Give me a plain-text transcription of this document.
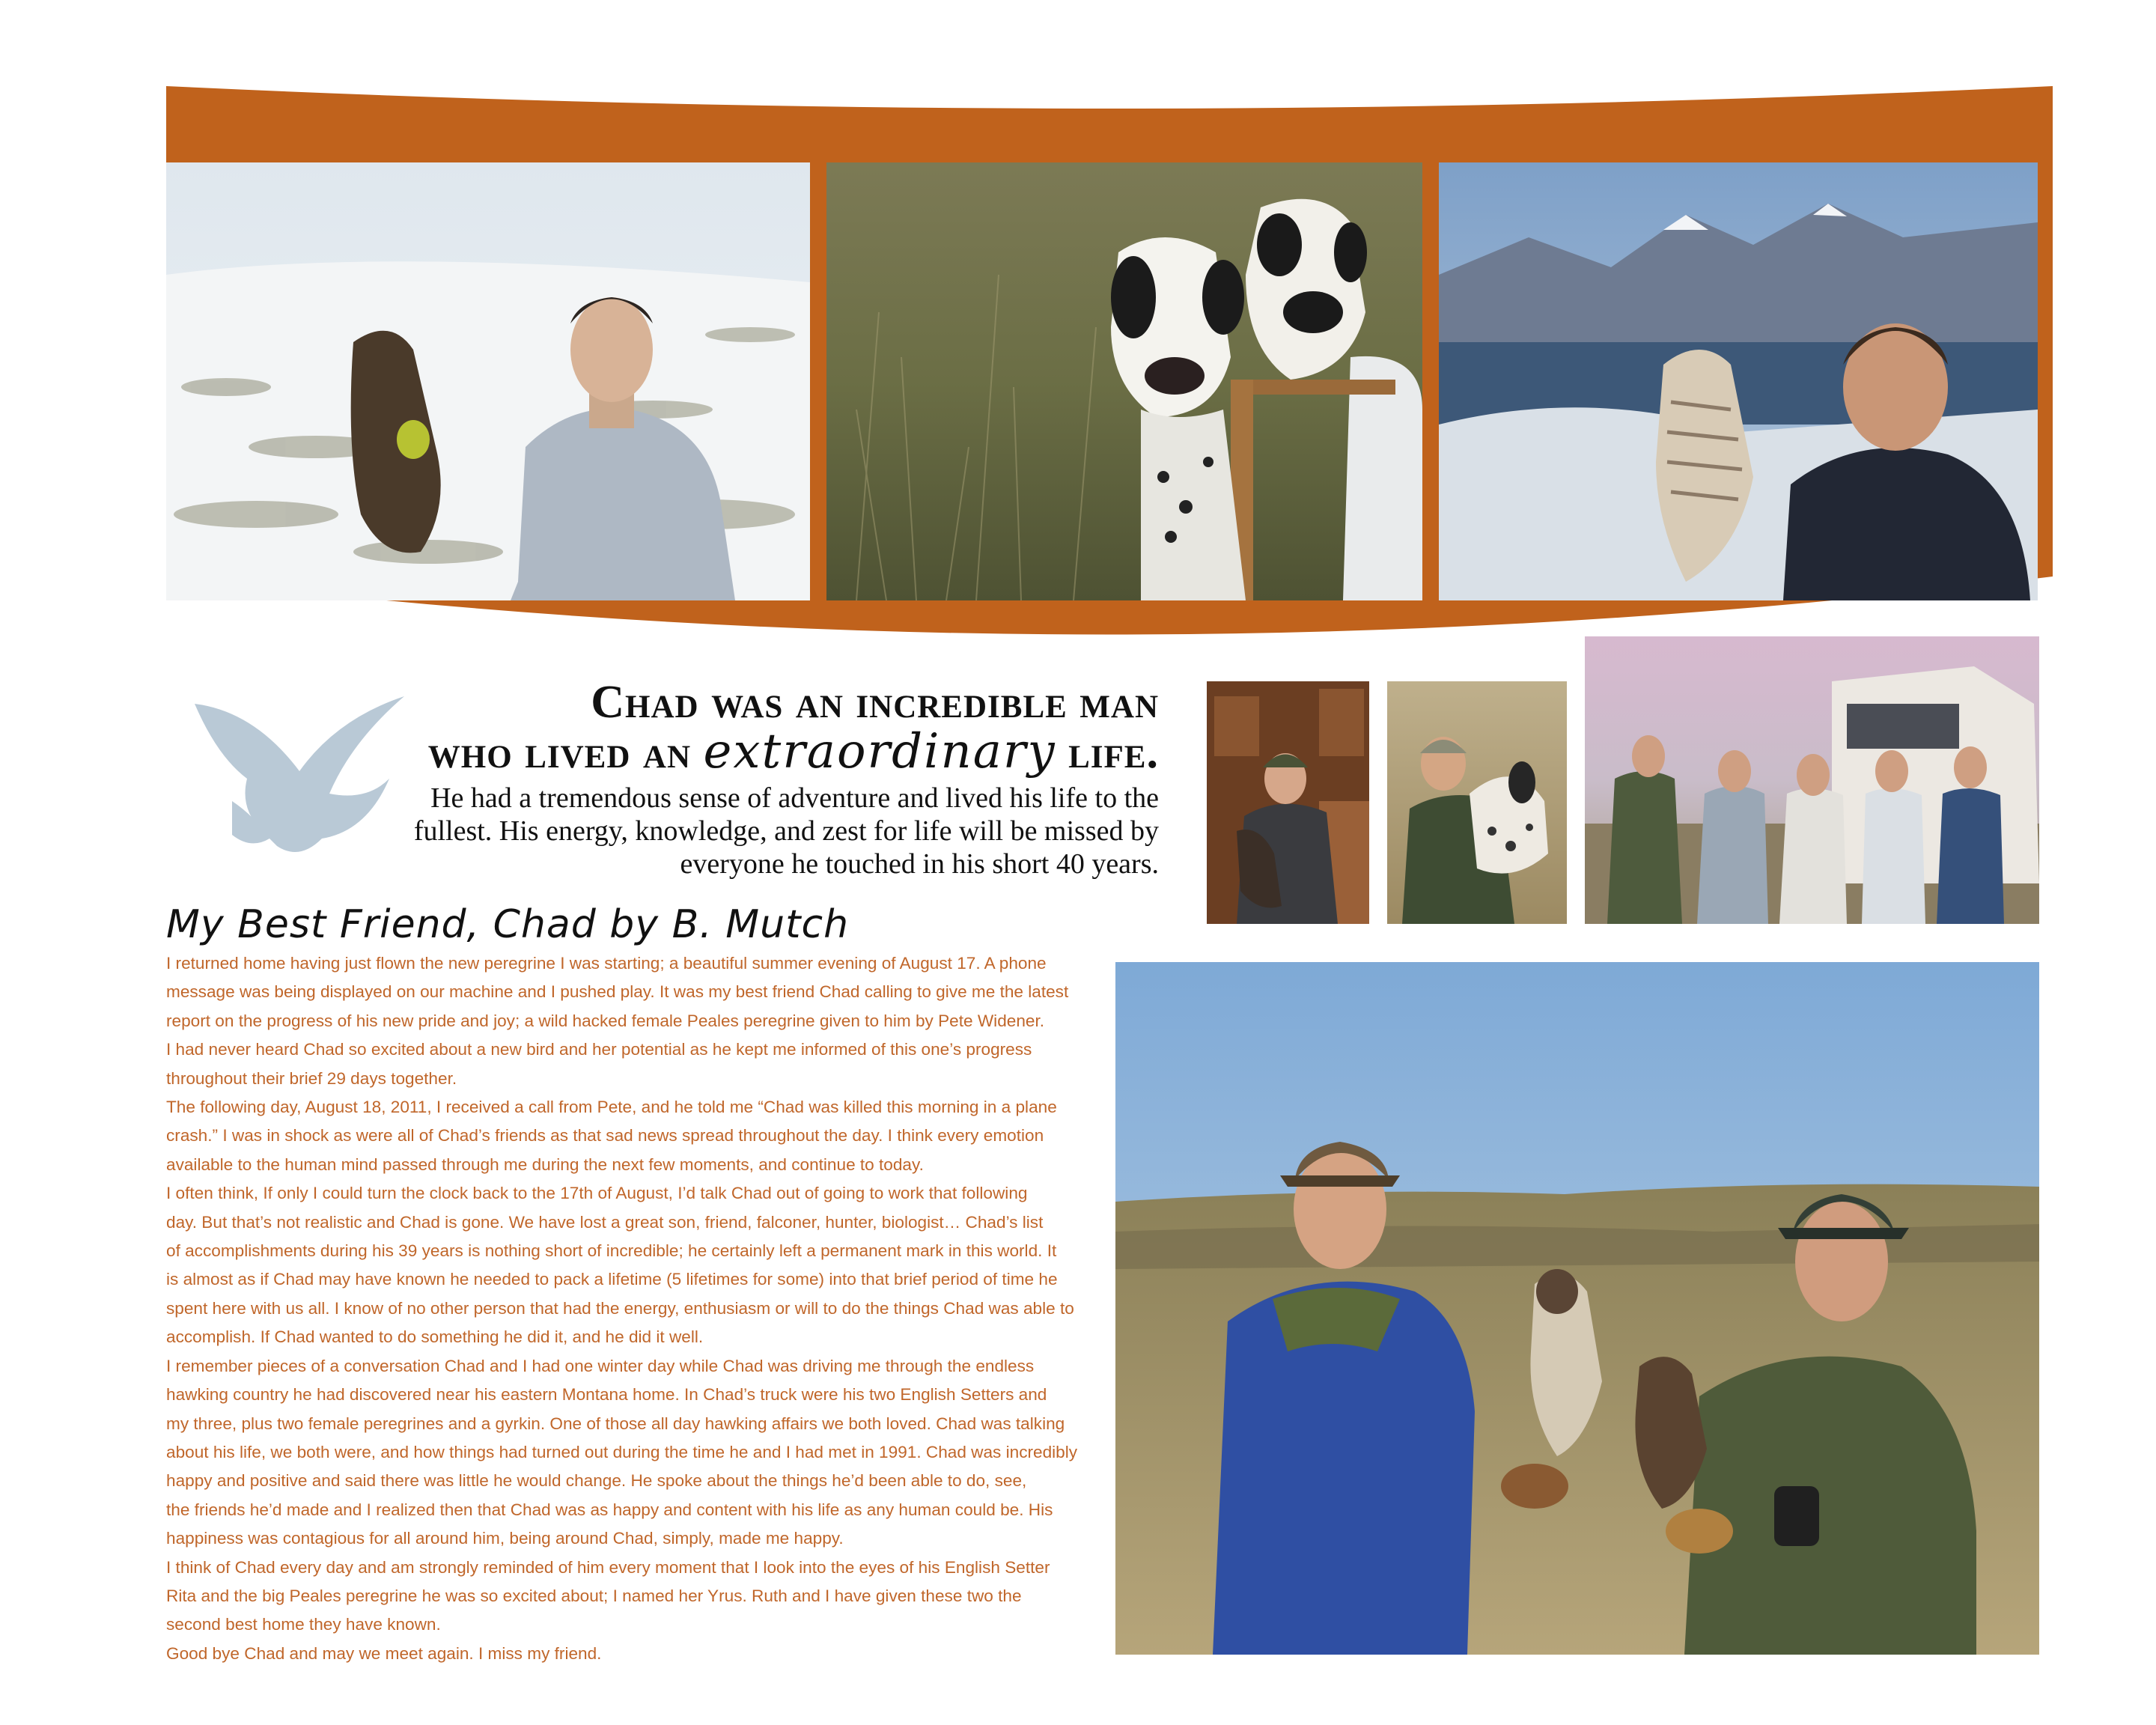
Chad was an incredible man
who lived an extraordinary life.
He had a tremendous sense of adventure and lived his life to the
fullest. His energy, knowledge, and zest for life will be missed by
everyone he touched in his short 40 years.
My Best Friend, Chad by B. Mutch
I returned home having just flown the new peregrine I was starting; a beautiful summer evening of August 17. A phone
message was being displayed on our machine and I pushed play. It was my best friend Chad calling to give me the latest
report on the progress of his new pride and joy; a wild hacked female Peales peregrine given to him by Pete Widener.
I had never heard Chad so excited about a new bird and her potential as he kept me informed of this one’s progress
throughout their brief 29 days together.
The following day, August 18, 2011, I received a call from Pete, and he told me “Chad was killed this morning in a plane
crash.” I was in shock as were all of Chad’s friends as that sad news spread throughout the day. I think every emotion
available to the human mind passed through me during the next few moments, and continue to today.
I often think, If only I could turn the clock back to the 17th of August, I’d talk Chad out of going to work that following
day. But that’s not realistic and Chad is gone. We have lost a great son, friend, falconer, hunter, biologist… Chad’s list
of accomplishments during his 39 years is nothing short of incredible; he certainly left a permanent mark in this world. It
is almost as if Chad may have known he needed to pack a lifetime (5 lifetimes for some) into that brief period of time he
spent here with us all. I know of no other person that had the energy, enthusiasm or will to do the things Chad was able to
accomplish. If Chad wanted to do something he did it, and he did it well.
I remember pieces of a conversation Chad and I had one winter day while Chad was driving me through the endless
hawking country he had discovered near his eastern Montana home. In Chad’s truck were his two English Setters and
my three, plus two female peregrines and a gyrkin. One of those all day hawking affairs we both loved. Chad was talking
about his life, we both were, and how things had turned out during the time he and I had met in 1991. Chad was incredibly
happy and positive and said there was little he would change. He spoke about the things he’d been able to do, see,
the friends he’d made and I realized then that Chad was as happy and content with his life as any human could be. His
happiness was contagious for all around him, being around Chad, simply, made me happy.
I think of Chad every day and am strongly reminded of him every moment that I look into the eyes of his English Setter
Rita and the big Peales peregrine he was so excited about; I named her Yrus. Ruth and I have given these two the
second best home they have known.
Good bye Chad and may we meet again. I miss my friend.
